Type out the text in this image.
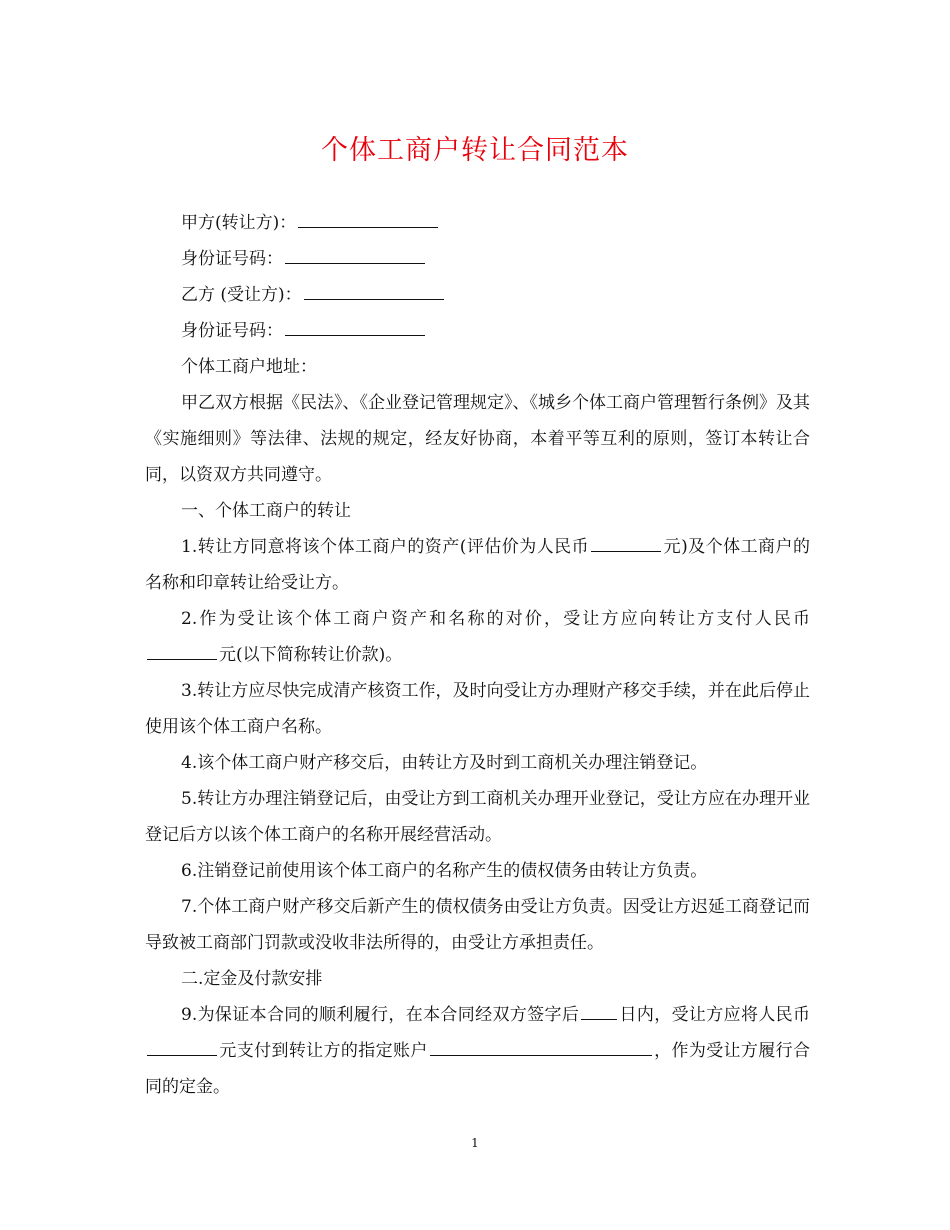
个体工商户转让合同范本

甲方(转让方)：

身份证号码：

乙方 (受让方)：

身份证号码：

个体工商户地址：

甲乙双方根据《民法》、《企业登记管理规定》、《城乡个体工商户管理暂行条例》及其《实施细则》等法律、法规的规定，经友好协商，本着平等互利的原则，签订本转让合同，以资双方共同遵守。

一、个体工商户的转让

1.转让方同意将该个体工商户的资产(评估价为人民币	元)及个体工商户的名称和印章转让给受让方。

2.作为受让该个体工商户资产和名称的对价，受让方应向转让方支付人民币元(以下简称转让价款)。

3.转让方应尽快完成清产核资工作，及时向受让方办理财产移交手续，并在此后停止使用该个体工商户名称。

4.该个体工商户财产移交后，由转让方及时到工商机关办理注销登记。

5.转让方办理注销登记后，由受让方到工商机关办理开业登记，受让方应在办理开业登记后方以该个体工商户的名称开展经营活动。

6.注销登记前使用该个体工商户的名称产生的债权债务由转让方负责。

7.个体工商户财产移交后新产生的债权债务由受让方负责。因受让方迟延工商登记而导致被工商部门罚款或没收非法所得的，由受让方承担责任。

二.定金及付款安排

9.为保证本合同的顺利履行，在本合同经双方签字后 日内，受让方应将人民币元支付到转让方的指定账户	，作为受让方履行合同的定金。

1
